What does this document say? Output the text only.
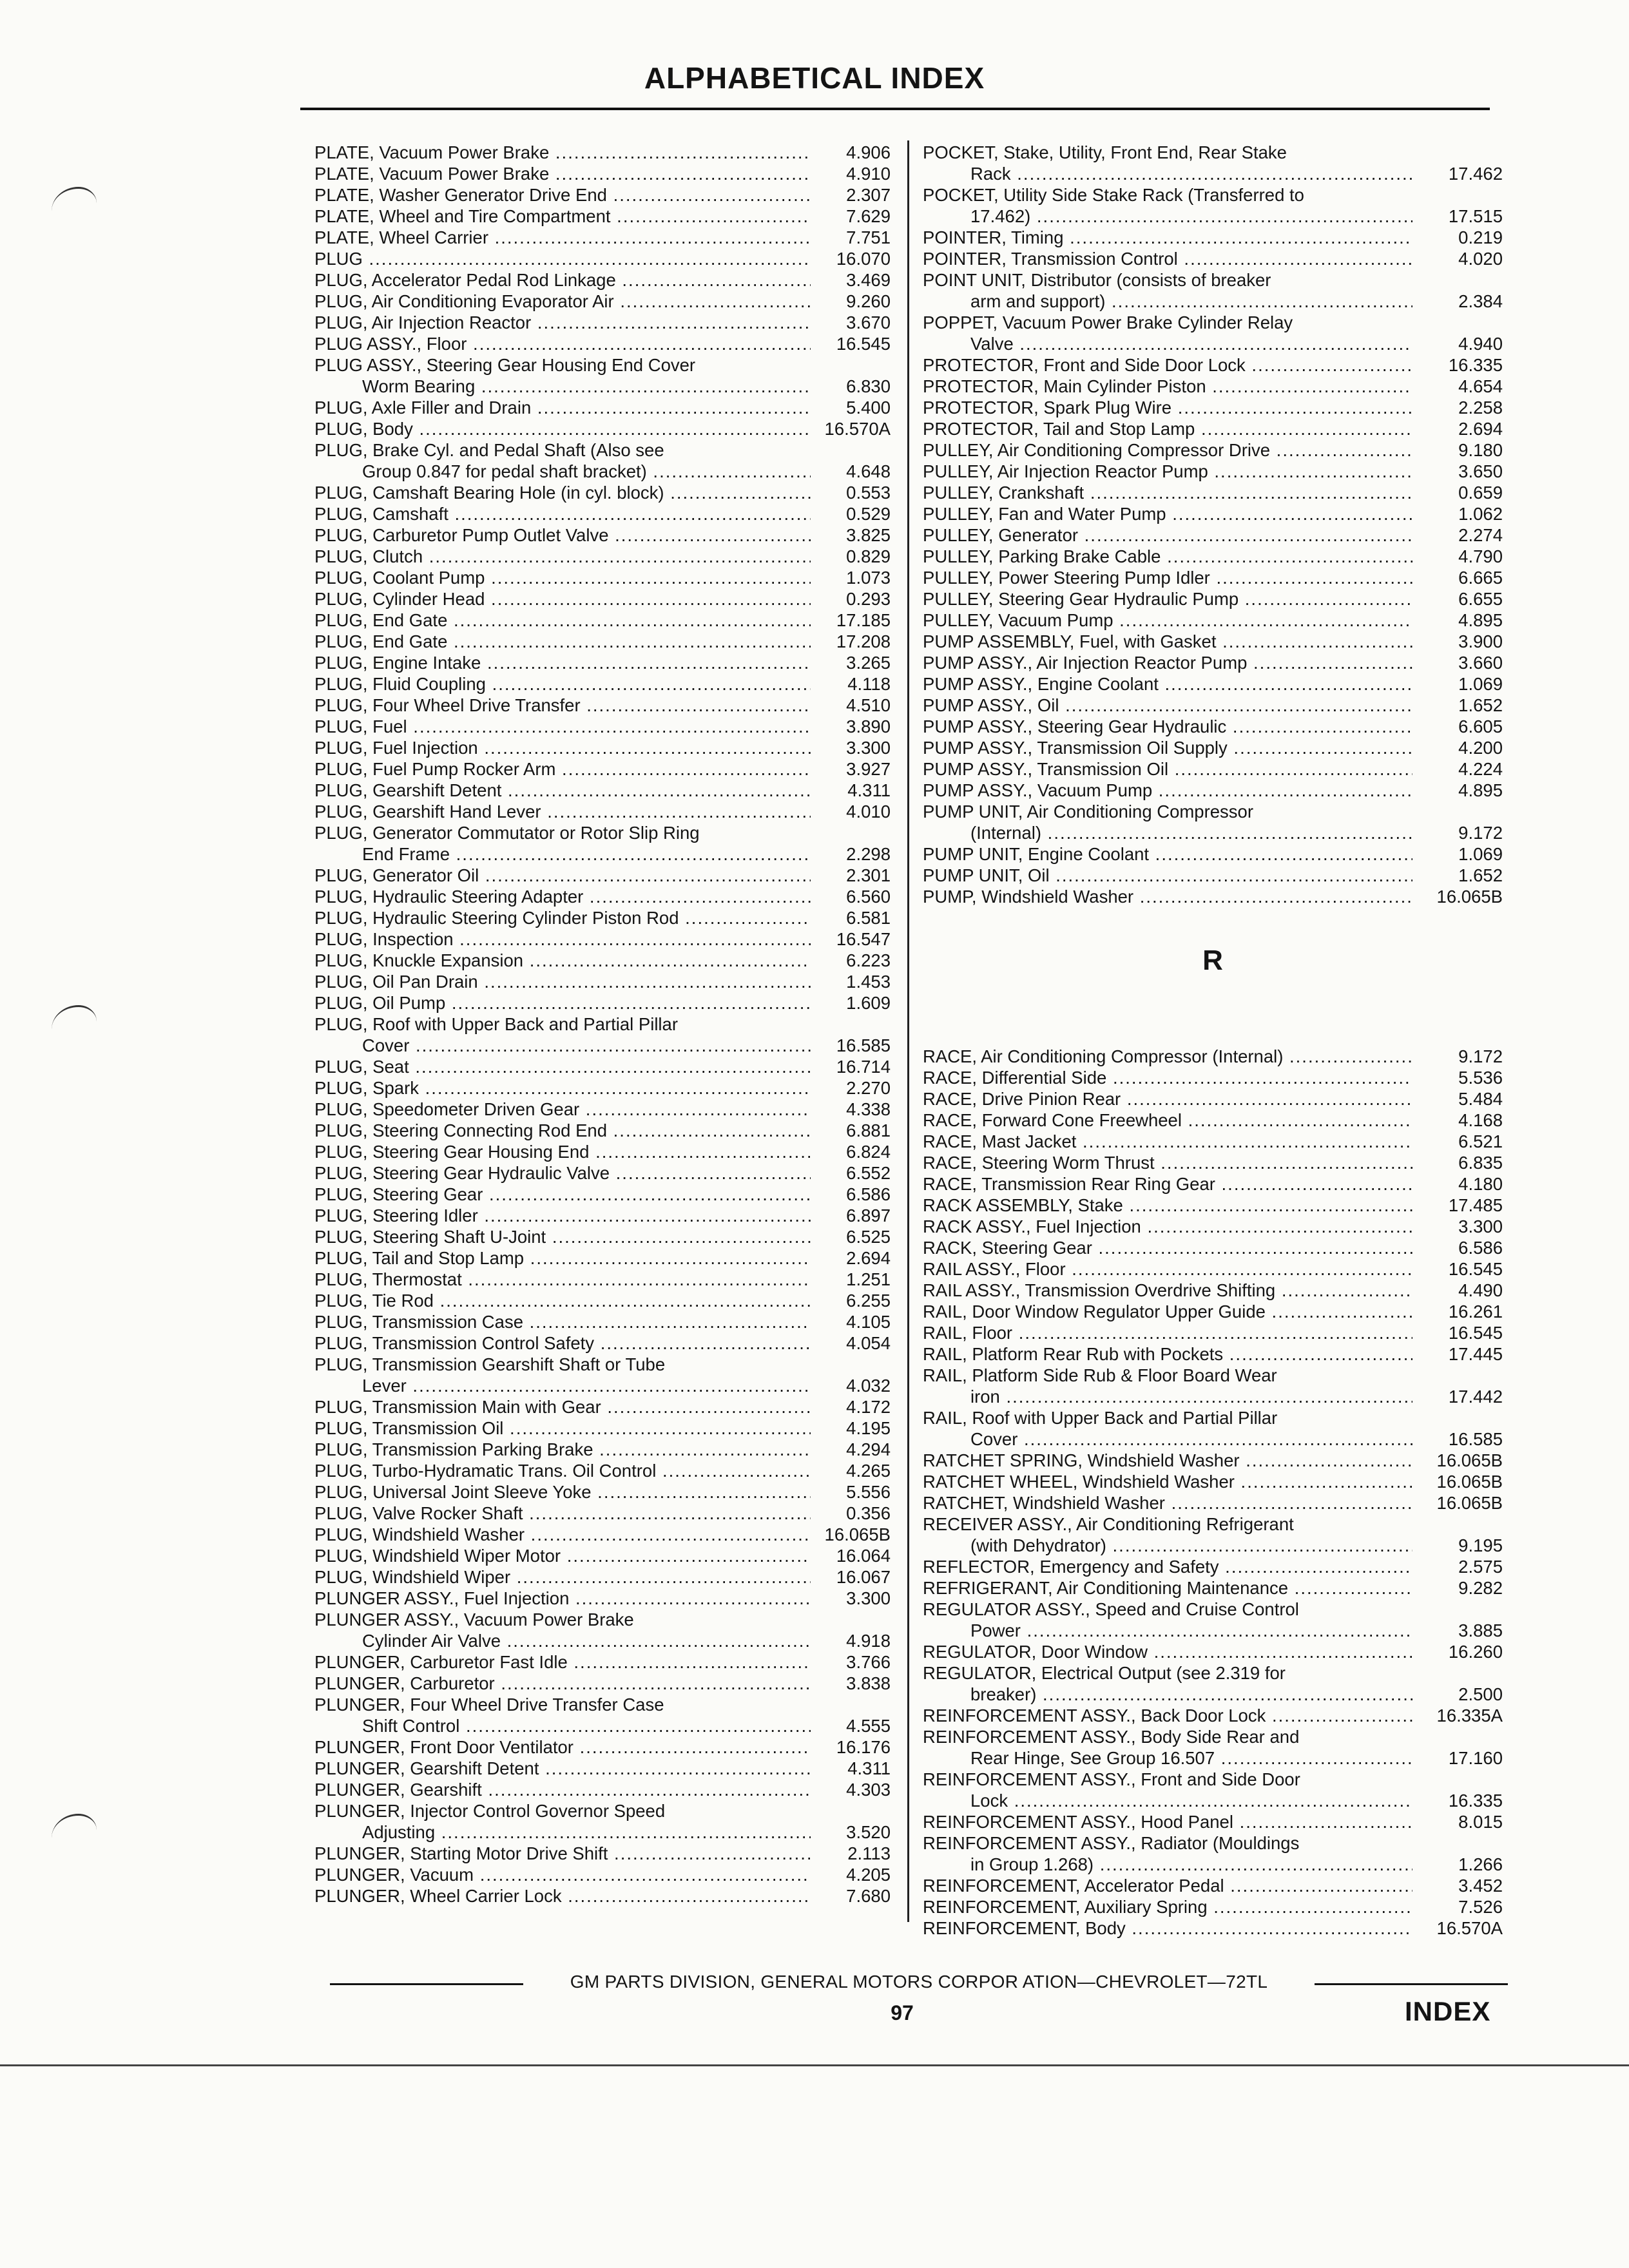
ALPHABETICAL INDEX
PLATE, Vacuum Power Brake .....	4.906
PLATE, Vacuum Power Brake .....	4.910
PLATE, Washer Generator Drive End .....	2.307
PLATE, Wheel and Tire Compartment .....	7.629
PLATE, Wheel Carrier .....	7.751
PLUG .....	16.070
PLUG, Accelerator Pedal Rod Linkage .....	3.469
PLUG, Air Conditioning Evaporator Air .....	9.260
PLUG, Air Injection Reactor .....	3.670
PLUG ASSY., Floor .....	16.545
PLUG ASSY., Steering Gear Housing End Cover
Worm Bearing .....	6.830
PLUG, Axle Filler and Drain .....	5.400
PLUG, Body .....	16.570A
PLUG, Brake Cyl. and Pedal Shaft (Also see
Group 0.847 for pedal shaft bracket) .....	4.648
PLUG, Camshaft Bearing Hole (in cyl. block) .....	0.553
PLUG, Camshaft .....	0.529
PLUG, Carburetor Pump Outlet Valve .....	3.825
PLUG, Clutch .....	0.829
PLUG, Coolant Pump .....	1.073
PLUG, Cylinder Head .....	0.293
PLUG, End Gate .....	17.185
PLUG, End Gate .....	17.208
PLUG, Engine Intake .....	3.265
PLUG, Fluid Coupling .....	4.118
PLUG, Four Wheel Drive Transfer .....	4.510
PLUG, Fuel .....	3.890
PLUG, Fuel Injection .....	3.300
PLUG, Fuel Pump Rocker Arm .....	3.927
PLUG, Gearshift Detent .....	4.311
PLUG, Gearshift Hand Lever .....	4.010
PLUG, Generator Commutator or Rotor Slip Ring
End Frame .....	2.298
PLUG, Generator Oil .....	2.301
PLUG, Hydraulic Steering Adapter .....	6.560
PLUG, Hydraulic Steering Cylinder Piston Rod .....	6.581
PLUG, Inspection .....	16.547
PLUG, Knuckle Expansion .....	6.223
PLUG, Oil Pan Drain .....	1.453
PLUG, Oil Pump .....	1.609
PLUG, Roof with Upper Back and Partial Pillar
Cover .....	16.585
PLUG, Seat .....	16.714
PLUG, Spark .....	2.270
PLUG, Speedometer Driven Gear .....	4.338
PLUG, Steering Connecting Rod End .....	6.881
PLUG, Steering Gear Housing End .....	6.824
PLUG, Steering Gear Hydraulic Valve .....	6.552
PLUG, Steering Gear .....	6.586
PLUG, Steering Idler .....	6.897
PLUG, Steering Shaft U-Joint .....	6.525
PLUG, Tail and Stop Lamp .....	2.694
PLUG, Thermostat .....	1.251
PLUG, Tie Rod .....	6.255
PLUG, Transmission Case .....	4.105
PLUG, Transmission Control Safety .....	4.054
PLUG, Transmission Gearshift Shaft or Tube
Lever .....	4.032
PLUG, Transmission Main with Gear .....	4.172
PLUG, Transmission Oil .....	4.195
PLUG, Transmission Parking Brake .....	4.294
PLUG, Turbo-Hydramatic Trans. Oil Control .....	4.265
PLUG, Universal Joint Sleeve Yoke .....	5.556
PLUG, Valve Rocker Shaft .....	0.356
PLUG, Windshield Washer .....	16.065B
PLUG, Windshield Wiper Motor .....	16.064
PLUG, Windshield Wiper .....	16.067
PLUNGER ASSY., Fuel Injection .....	3.300
PLUNGER ASSY., Vacuum Power Brake
Cylinder Air Valve .....	4.918
PLUNGER, Carburetor Fast Idle .....	3.766
PLUNGER, Carburetor .....	3.838
PLUNGER, Four Wheel Drive Transfer Case
Shift Control .....	4.555
PLUNGER, Front Door Ventilator .....	16.176
PLUNGER, Gearshift Detent .....	4.311
PLUNGER, Gearshift .....	4.303
PLUNGER, Injector Control Governor Speed
Adjusting .....	3.520
PLUNGER, Starting Motor Drive Shift .....	2.113
PLUNGER, Vacuum .....	4.205
PLUNGER, Wheel Carrier Lock .....	7.680
POCKET, Stake, Utility, Front End, Rear Stake
Rack .....	17.462
POCKET, Utility Side Stake Rack (Transferred to
17.462) .....	17.515
POINTER, Timing .....	0.219
POINTER, Transmission Control .....	4.020
POINT UNIT, Distributor (consists of breaker
arm and support) .....	2.384
POPPET, Vacuum Power Brake Cylinder Relay
Valve .....	4.940
PROTECTOR, Front and Side Door Lock .....	16.335
PROTECTOR, Main Cylinder Piston .....	4.654
PROTECTOR, Spark Plug Wire .....	2.258
PROTECTOR, Tail and Stop Lamp .....	2.694
PULLEY, Air Conditioning Compressor Drive .....	9.180
PULLEY, Air Injection Reactor Pump .....	3.650
PULLEY, Crankshaft .....	0.659
PULLEY, Fan and Water Pump .....	1.062
PULLEY, Generator .....	2.274
PULLEY, Parking Brake Cable .....	4.790
PULLEY, Power Steering Pump Idler .....	6.665
PULLEY, Steering Gear Hydraulic Pump .....	6.655
PULLEY, Vacuum Pump .....	4.895
PUMP ASSEMBLY, Fuel, with Gasket .....	3.900
PUMP ASSY., Air Injection Reactor Pump .....	3.660
PUMP ASSY., Engine Coolant .....	1.069
PUMP ASSY., Oil .....	1.652
PUMP ASSY., Steering Gear Hydraulic .....	6.605
PUMP ASSY., Transmission Oil Supply .....	4.200
PUMP ASSY., Transmission Oil .....	4.224
PUMP ASSY., Vacuum Pump .....	4.895
PUMP UNIT, Air Conditioning Compressor
(Internal) .....	9.172
PUMP UNIT, Engine Coolant .....	1.069
PUMP UNIT, Oil .....	1.652
PUMP, Windshield Washer .....	16.065B
R
RACE, Air Conditioning Compressor (Internal) .....	9.172
RACE, Differential Side .....	5.536
RACE, Drive Pinion Rear .....	5.484
RACE, Forward Cone Freewheel .....	4.168
RACE, Mast Jacket .....	6.521
RACE, Steering Worm Thrust .....	6.835
RACE, Transmission Rear Ring Gear .....	4.180
RACK ASSEMBLY, Stake .....	17.485
RACK ASSY., Fuel Injection .....	3.300
RACK, Steering Gear .....	6.586
RAIL ASSY., Floor .....	16.545
RAIL ASSY., Transmission Overdrive Shifting .....	4.490
RAIL, Door Window Regulator Upper Guide .....	16.261
RAIL, Floor .....	16.545
RAIL, Platform Rear Rub with Pockets .....	17.445
RAIL, Platform Side Rub & Floor Board Wear
iron .....	17.442
RAIL, Roof with Upper Back and Partial Pillar
Cover .....	16.585
RATCHET SPRING, Windshield Washer .....	16.065B
RATCHET WHEEL, Windshield Washer .....	16.065B
RATCHET, Windshield Washer .....	16.065B
RECEIVER ASSY., Air Conditioning Refrigerant
(with Dehydrator) .....	9.195
REFLECTOR, Emergency and Safety .....	2.575
REFRIGERANT, Air Conditioning Maintenance .....	9.282
REGULATOR ASSY., Speed and Cruise Control
Power .....	3.885
REGULATOR, Door Window .....	16.260
REGULATOR, Electrical Output (see 2.319 for
breaker) .....	2.500
REINFORCEMENT ASSY., Back Door Lock .....	16.335A
REINFORCEMENT ASSY., Body Side Rear and
Rear Hinge, See Group 16.507 .....	17.160
REINFORCEMENT ASSY., Front and Side Door
Lock .....	16.335
REINFORCEMENT ASSY., Hood Panel .....	8.015
REINFORCEMENT ASSY., Radiator (Mouldings
in Group 1.268) .....	1.266
REINFORCEMENT, Accelerator Pedal .....	3.452
REINFORCEMENT, Auxiliary Spring .....	7.526
REINFORCEMENT, Body .....	16.570A
GM PARTS DIVISION, GENERAL MOTORS CORPOR ATION—CHEVROLET—72TL
97	INDEX
